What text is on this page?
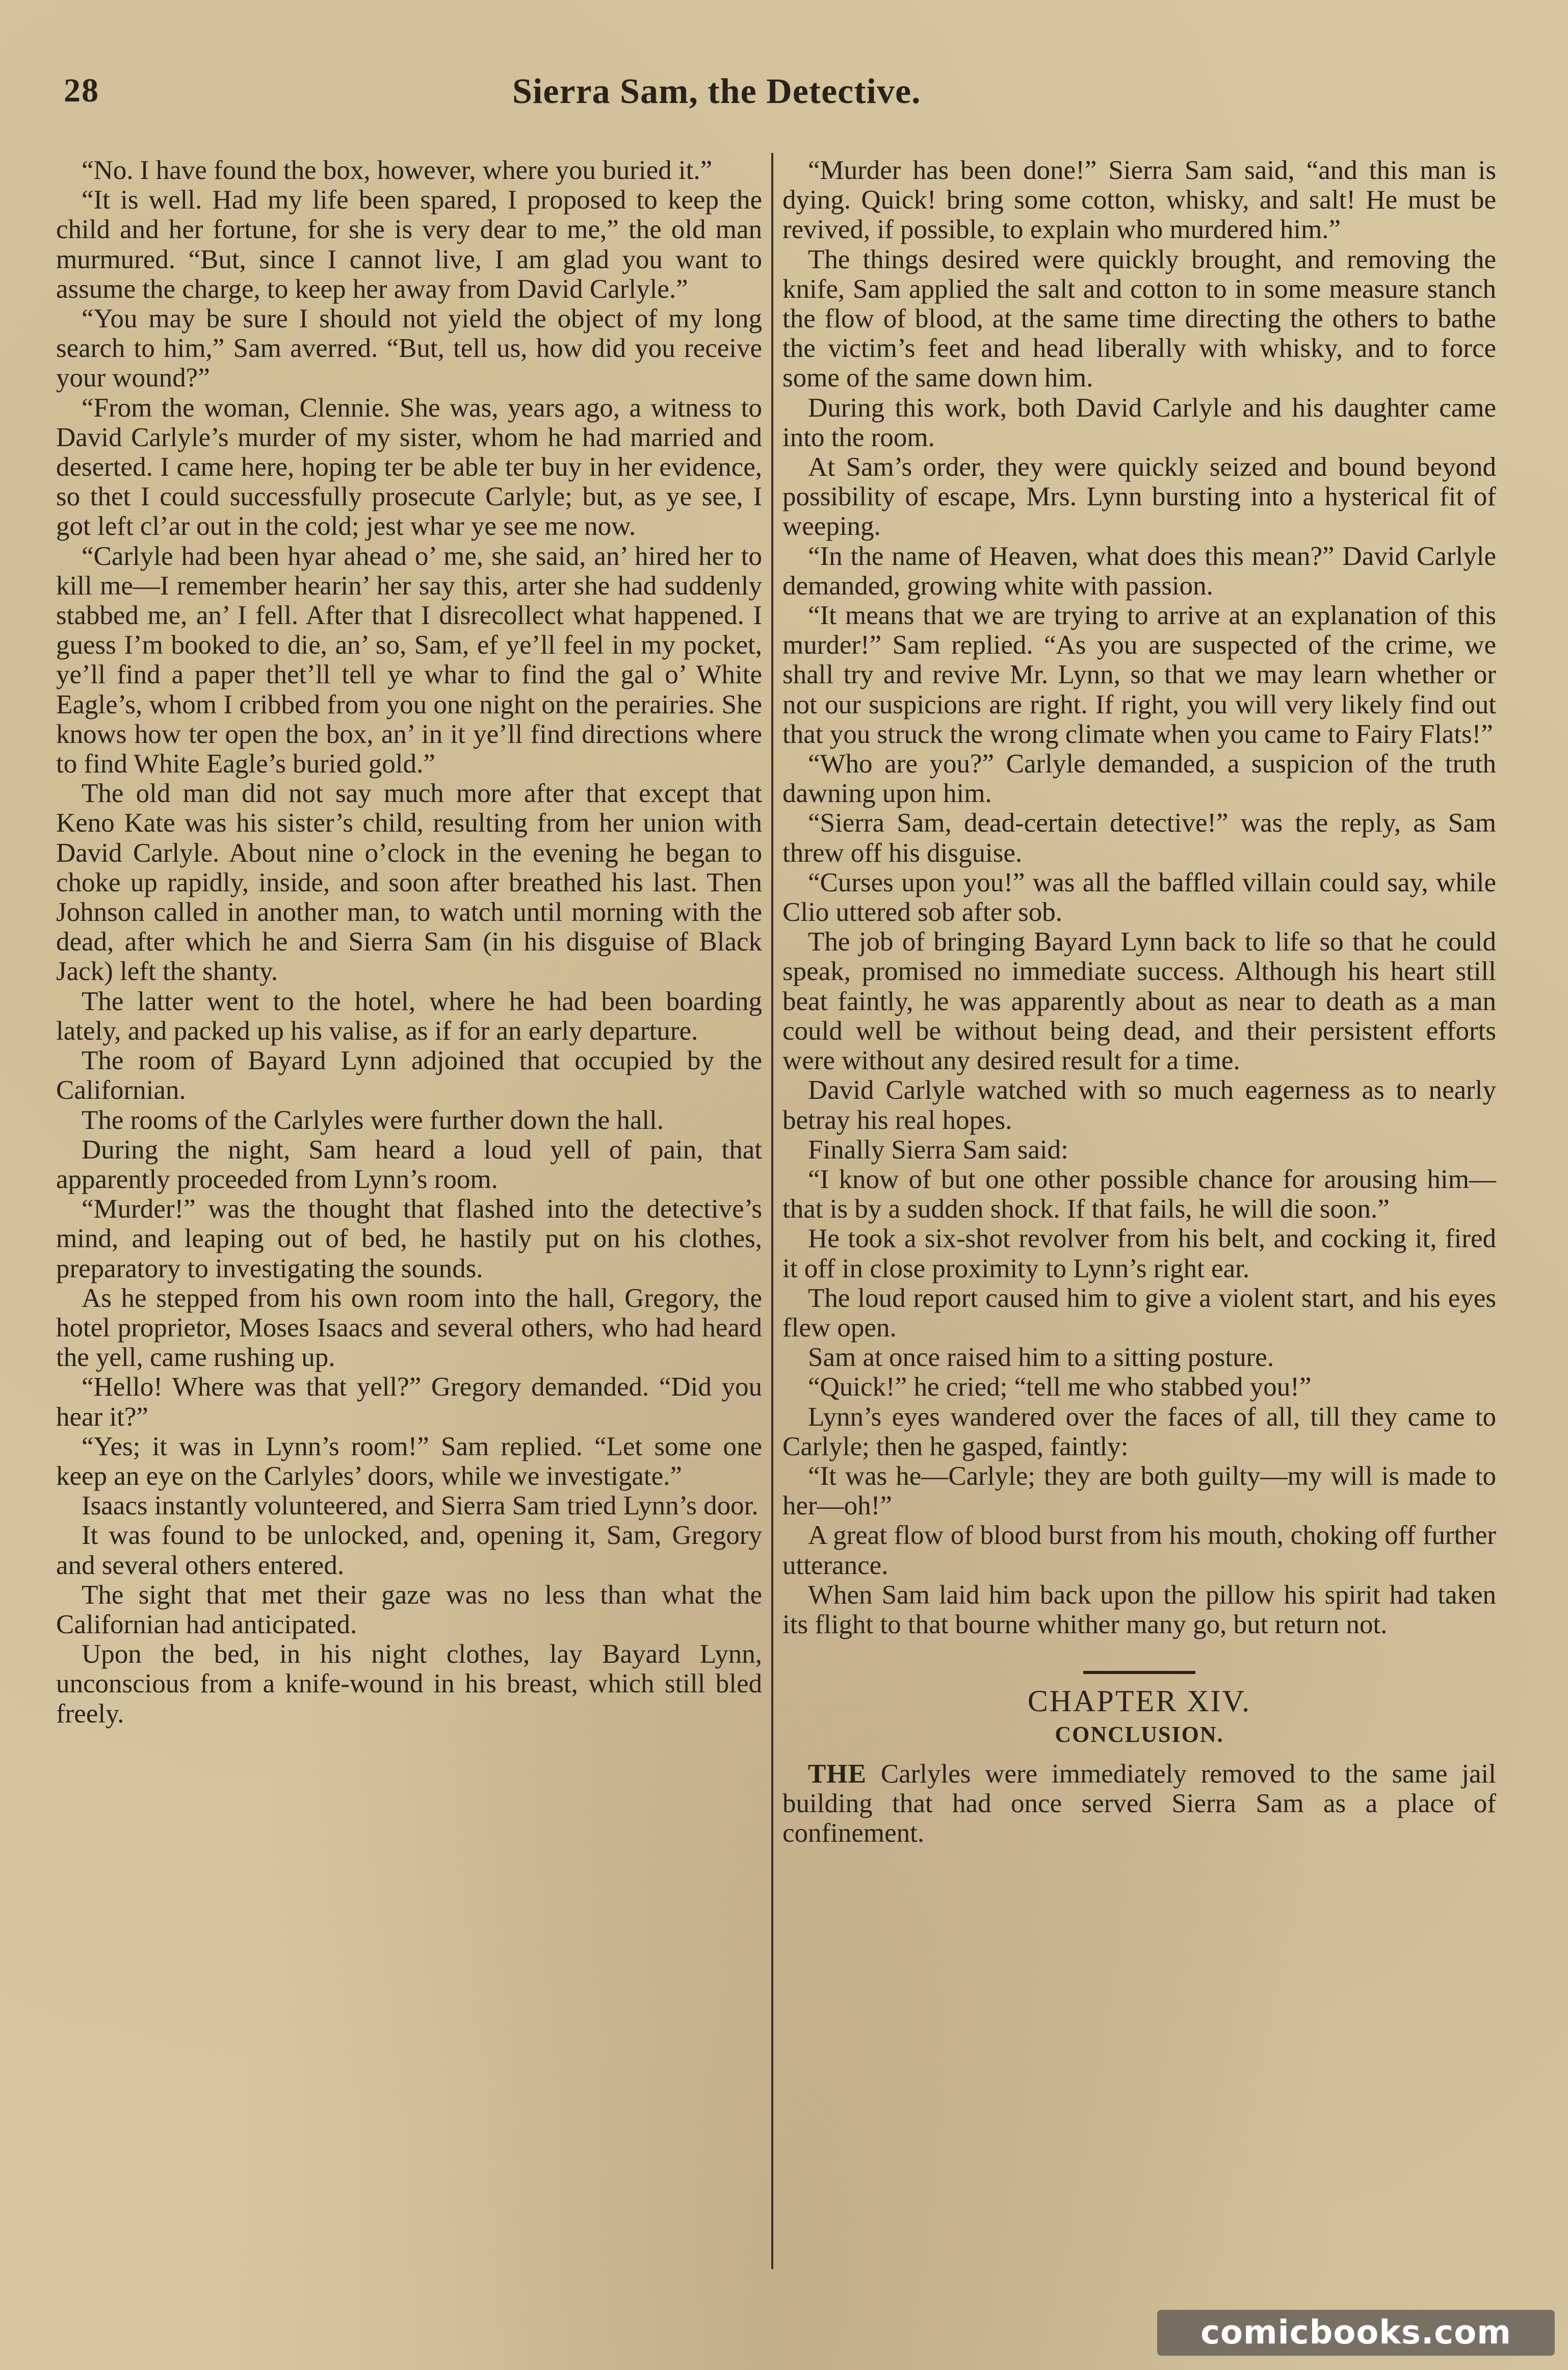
28	Sierra Sam, the Detective.

“No. I have found the box, however, where you buried it.”

“It is well. Had my life been spared, I proposed to keep the child and her fortune, for she is very dear to me,” the old man murmured. “But, since I cannot live, I am glad you want to assume the charge, to keep her away from David Carlyle.”

“You may be sure I should not yield the object of my long search to him,” Sam averred. “But, tell us, how did you receive your wound?”

“From the woman, Clennie. She was, years ago, a witness to David Carlyle’s murder of my sister, whom he had married and deserted. I came here, hoping ter be able ter buy in her evidence, so thet I could successfully prosecute Carlyle; but, as ye see, I got left cl’ar out in the cold; jest whar ye see me now.

“Carlyle had been hyar ahead o’ me, she said, an’ hired her to kill me—I remember hearin’ her say this, arter she had suddenly stabbed me, an’ I fell. After that I disrecollect what happened. I guess I’m booked to die, an’ so, Sam, ef ye’ll feel in my pocket, ye’ll find a paper thet’ll tell ye whar to find the gal o’ White Eagle’s, whom I cribbed from you one night on the perairies. She knows how ter open the box, an’ in it ye’ll find directions where to find White Eagle’s buried gold.”

The old man did not say much more after that except that Keno Kate was his sister’s child, resulting from her union with David Carlyle. About nine o’clock in the evening he began to choke up rapidly, inside, and soon after breathed his last. Then Johnson called in another man, to watch until morning with the dead, after which he and Sierra Sam (in his disguise of Black Jack) left the shanty.

The latter went to the hotel, where he had been boarding lately, and packed up his valise, as if for an early departure.

The room of Bayard Lynn adjoined that occupied by the Californian.

The rooms of the Carlyles were further down the hall.

During the night, Sam heard a loud yell of pain, that apparently proceeded from Lynn’s room.

“Murder!” was the thought that flashed into the detective’s mind, and leaping out of bed, he hastily put on his clothes, preparatory to investigating the sounds.

As he stepped from his own room into the hall, Gregory, the hotel proprietor, Moses Isaacs and several others, who had heard the yell, came rushing up.

“Hello! Where was that yell?” Gregory demanded. “Did you hear it?”

“Yes; it was in Lynn’s room!” Sam replied. “Let some one keep an eye on the Carlyles’ doors, while we investigate.”

Isaacs instantly volunteered, and Sierra Sam tried Lynn’s door.

It was found to be unlocked, and, opening it, Sam, Gregory and several others entered.

The sight that met their gaze was no less than what the Californian had anticipated.

Upon the bed, in his night clothes, lay Bayard Lynn, unconscious from a knife-wound in his breast, which still bled freely.

“Murder has been done!” Sierra Sam said, “and this man is dying. Quick! bring some cotton, whisky, and salt! He must be revived, if possible, to explain who murdered him.”

The things desired were quickly brought, and removing the knife, Sam applied the salt and cotton to in some measure stanch the flow of blood, at the same time directing the others to bathe the victim’s feet and head liberally with whisky, and to force some of the same down him.

During this work, both David Carlyle and his daughter came into the room.

At Sam’s order, they were quickly seized and bound beyond possibility of escape, Mrs. Lynn bursting into a hysterical fit of weeping.

“In the name of Heaven, what does this mean?” David Carlyle demanded, growing white with passion.

“It means that we are trying to arrive at an explanation of this murder!” Sam replied. “As you are suspected of the crime, we shall try and revive Mr. Lynn, so that we may learn whether or not our suspicions are right. If right, you will very likely find out that you struck the wrong climate when you came to Fairy Flats!”

“Who are you?” Carlyle demanded, a suspicion of the truth dawning upon him.

“Sierra Sam, dead-certain detective!” was the reply, as Sam threw off his disguise.

“Curses upon you!” was all the baffled villain could say, while Clio uttered sob after sob.

The job of bringing Bayard Lynn back to life so that he could speak, promised no immediate success. Although his heart still beat faintly, he was apparently about as near to death as a man could well be without being dead, and their persistent efforts were without any desired result for a time.

David Carlyle watched with so much eagerness as to nearly betray his real hopes.

Finally Sierra Sam said:

“I know of but one other possible chance for arousing him—that is by a sudden shock. If that fails, he will die soon.”

He took a six-shot revolver from his belt, and cocking it, fired it off in close proximity to Lynn’s right ear.

The loud report caused him to give a violent start, and his eyes flew open.

Sam at once raised him to a sitting posture.

“Quick!” he cried; “tell me who stabbed you!”

Lynn’s eyes wandered over the faces of all, till they came to Carlyle; then he gasped, faintly:

“It was he—Carlyle; they are both guilty—my will is made to her—oh!”

A great flow of blood burst from his mouth, choking off further utterance.

When Sam laid him back upon the pillow his spirit had taken its flight to that bourne whither many go, but return not.

CHAPTER XIV.

CONCLUSION.

THE Carlyles were immediately removed to the same jail building that had once served Sierra Sam as a place of confinement.

comicbooks.com
